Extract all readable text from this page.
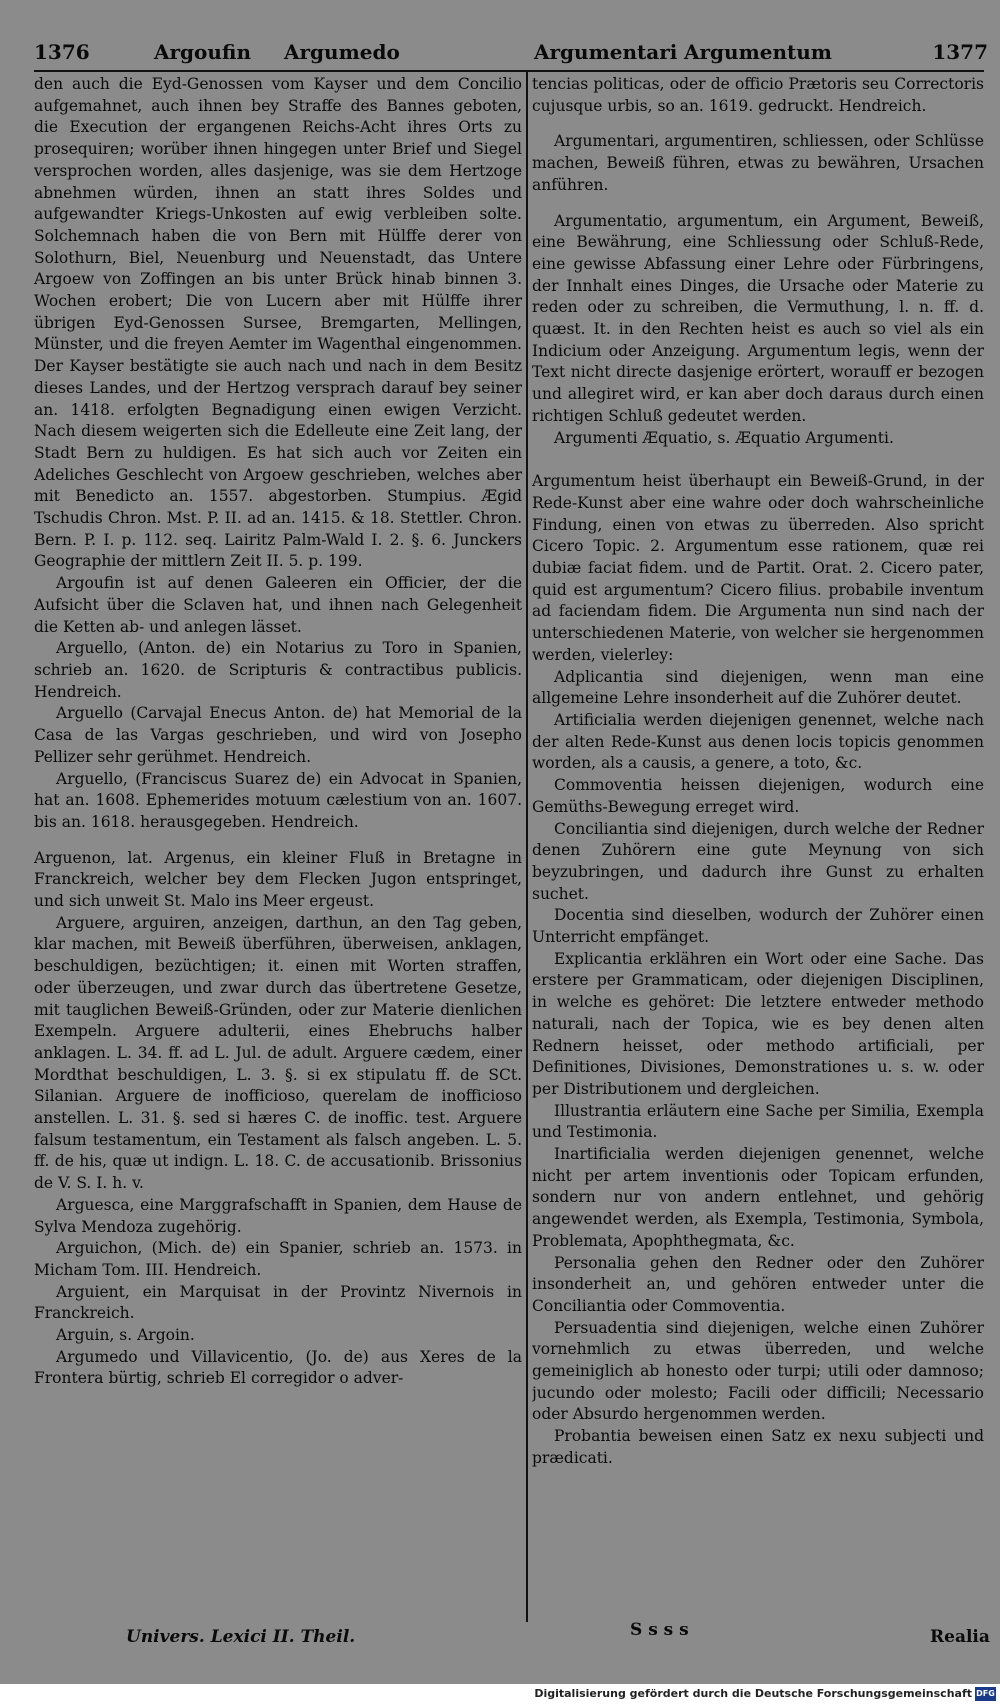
1376	Argoufin Argumedo	Argumentari Argumentum	1377

den auch die Eyd-Genossen vom Kayser und dem Concilio aufgemahnet, auch ihnen bey Straffe des Bannes geboten, die Execution der ergangenen Reichs-Acht ihres Orts zu prosequiren; worüber ihnen hingegen unter Brief und Siegel versprochen worden, alles dasjenige, was sie dem Hertzoge abnehmen würden, ihnen an statt ihres Soldes und aufgewandter Kriegs-Unkosten auf ewig verbleiben solte. Solchemnach haben die von Bern mit Hülffe derer von Solothurn, Biel, Neuenburg und Neuenstadt, das Untere Argoew von Zoffingen an bis unter Brück hinab binnen 3. Wochen erobert; Die von Lucern aber mit Hülffe ihrer übrigen Eyd-Genossen Sursee, Bremgarten, Mellingen, Münster, und die freyen Aemter im Wagenthal eingenommen. Der Kayser bestätigte sie auch nach und nach in dem Besitz dieses Landes, und der Hertzog versprach darauf bey seiner an. 1418. erfolgten Begnadigung einen ewigen Verzicht. Nach diesem weigerten sich die Edelleute eine Zeit lang, der Stadt Bern zu huldigen. Es hat sich auch vor Zeiten ein Adeliches Geschlecht von Argoew geschrieben, welches aber mit Benedicto an. 1557. abgestorben. Stumpius. Ægid Tschudis Chron. Mst. P. II. ad an. 1415. & 18. Stettler. Chron. Bern. P. I. p. 112. seq. Lairitz Palm-Wald I. 2. §. 6. Junckers Geographie der mittlern Zeit II. 5. p. 199.

Argoufin ist auf denen Galeeren ein Officier, der die Aufsicht über die Sclaven hat, und ihnen nach Gelegenheit die Ketten ab- und anlegen lässet.

Arguello, (Anton. de) ein Notarius zu Toro in Spanien, schrieb an. 1620. de Scripturis & contractibus publicis. Hendreich.

Arguello (Carvajal Enecus Anton. de) hat Memorial de la Casa de las Vargas geschrieben, und wird von Josepho Pellizer sehr gerühmet. Hendreich.

Arguello, (Franciscus Suarez de) ein Advocat in Spanien, hat an. 1608. Ephemerides motuum cælestium von an. 1607. bis an. 1618. herausgegeben. Hendreich.

Arguenon, lat. Argenus, ein kleiner Fluß in Bretagne in Franckreich, welcher bey dem Flecken Jugon entspringet, und sich unweit St. Malo ins Meer ergeust.

Arguere, arguiren, anzeigen, darthun, an den Tag geben, klar machen, mit Beweiß überführen, überweisen, anklagen, beschuldigen, bezüchtigen; it. einen mit Worten straffen, oder überzeugen, und zwar durch das übertretene Gesetze, mit tauglichen Beweiß-Gründen, oder zur Materie dienlichen Exempeln. Arguere adulterii, eines Ehebruchs halber anklagen. L. 34. ff. ad L. Jul. de adult. Arguere cædem, einer Mordthat beschuldigen, L. 3. §. si ex stipulatu ff. de SCt. Silanian. Arguere de inofficioso, querelam de inofficioso anstellen. L. 31. §. sed si hæres C. de inoffic. test. Arguere falsum testamentum, ein Testament als falsch angeben. L. 5. ff. de his, quæ ut indign. L. 18. C. de accusationib. Brissonius de V. S. I. h. v.

Arguesca, eine Marggrafschafft in Spanien, dem Hause de Sylva Mendoza zugehörig.

Arguichon, (Mich. de) ein Spanier, schrieb an. 1573. in Micham Tom. III. Hendreich.

Arguient, ein Marquisat in der Provintz Nivernois in Franckreich.

Arguin, s. Argoin.

Argumedo und Villavicentio, (Jo. de) aus Xeres de la Frontera bürtig, schrieb El corregidor o adver-

tencias politicas, oder de officio Prætoris seu Correctoris cujusque urbis, so an. 1619. gedruckt. Hendreich.

Argumentari, argumentiren, schliessen, oder Schlüsse machen, Beweiß führen, etwas zu bewähren, Ursachen anführen.

Argumentatio, argumentum, ein Argument, Beweiß, eine Bewährung, eine Schliessung oder Schluß-Rede, eine gewisse Abfassung einer Lehre oder Fürbringens, der Innhalt eines Dinges, die Ursache oder Materie zu reden oder zu schreiben, die Vermuthung, l. n. ff. d. quæst. It. in den Rechten heist es auch so viel als ein Indicium oder Anzeigung. Argumentum legis, wenn der Text nicht directe dasjenige erörtert, worauff er bezogen und allegiret wird, er kan aber doch daraus durch einen richtigen Schluß gedeutet werden.

Argumenti Æquatio, s. Æquatio Argumenti.

Argumentum heist überhaupt ein Beweiß-Grund, in der Rede-Kunst aber eine wahre oder doch wahrscheinliche Findung, einen von etwas zu überreden. Also spricht Cicero Topic. 2. Argumentum esse rationem, quæ rei dubiæ faciat fidem. und de Partit. Orat. 2. Cicero pater, quid est argumentum? Cicero filius. probabile inventum ad faciendam fidem. Die Argumenta nun sind nach der unterschiedenen Materie, von welcher sie hergenommen werden, vielerley:

Adplicantia sind diejenigen, wenn man eine allgemeine Lehre insonderheit auf die Zuhörer deutet.

Artificialia werden diejenigen genennet, welche nach der alten Rede-Kunst aus denen locis topicis genommen worden, als a causis, a genere, a toto, &c.

Commoventia heissen diejenigen, wodurch eine Gemüths-Bewegung erreget wird.

Conciliantia sind diejenigen, durch welche der Redner denen Zuhörern eine gute Meynung von sich beyzubringen, und dadurch ihre Gunst zu erhalten suchet.

Docentia sind dieselben, wodurch der Zuhörer einen Unterricht empfänget.

Explicantia erklähren ein Wort oder eine Sache. Das erstere per Grammaticam, oder diejenigen Disciplinen, in welche es gehöret: Die letztere entweder methodo naturali, nach der Topica, wie es bey denen alten Rednern heisset, oder methodo artificiali, per Definitiones, Divisiones, Demonstrationes u. s. w. oder per Distributionem und dergleichen.

Illustrantia erläutern eine Sache per Similia, Exempla und Testimonia.

Inartificialia werden diejenigen genennet, welche nicht per artem inventionis oder Topicam erfunden, sondern nur von andern entlehnet, und gehörig angewendet werden, als Exempla, Testimonia, Symbola, Problemata, Apophthegmata, &c.

Personalia gehen den Redner oder den Zuhörer insonderheit an, und gehören entweder unter die Conciliantia oder Commoventia.

Persuadentia sind diejenigen, welche einen Zuhörer vornehmlich zu etwas überreden, und welche gemeiniglich ab honesto oder turpi; utili oder damnoso; jucundo oder molesto; Facili oder difficili; Necessario oder Absurdo hergenommen werden.

Probantia beweisen einen Satz ex nexu subjecti und prædicati.

Univers. Lexici II. Theil.	S s s s	Realia
Digitalisierung gefördert durch die Deutsche Forschungsgemeinschaft DFG
